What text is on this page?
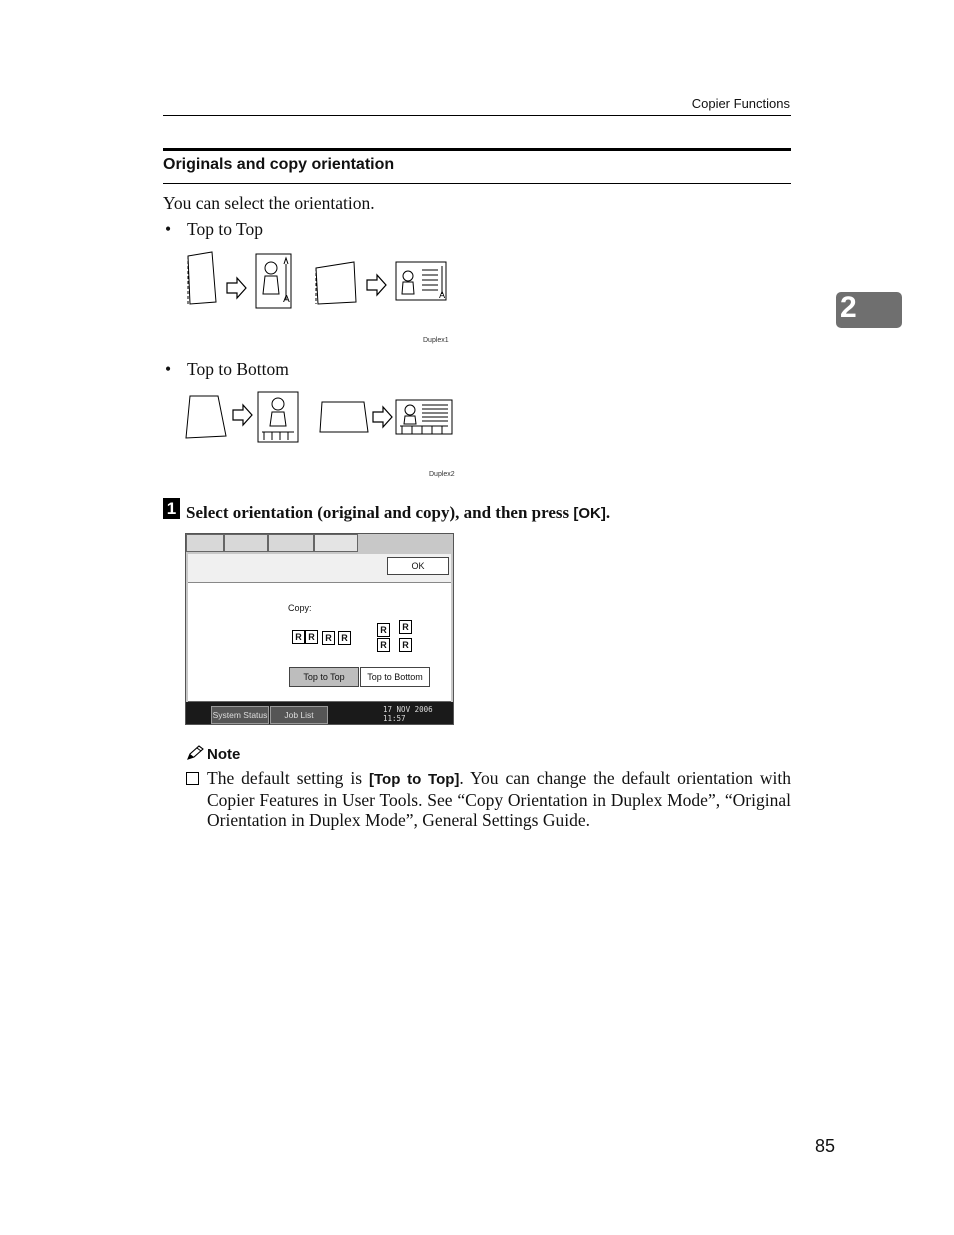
Copier Functions
2
Originals and copy orientation
You can select the orientation.
• Top to Top
A	A
Duplex1
• Top to Bottom
Duplex2
1 Select orientation (original and copy), and then press [OK].
OK
Copy:
R R	R	R
R
R
R
R
Top to Top	Top to Bottom
System Status	Job List
17 NOV 2006
11:57
Note
The default setting is [Top to Top]. You can change the default orientation with Copier Features in User Tools. See “Copy Orientation in Duplex Mode”, “Original Orientation in Duplex Mode”, General Settings Guide.
85
